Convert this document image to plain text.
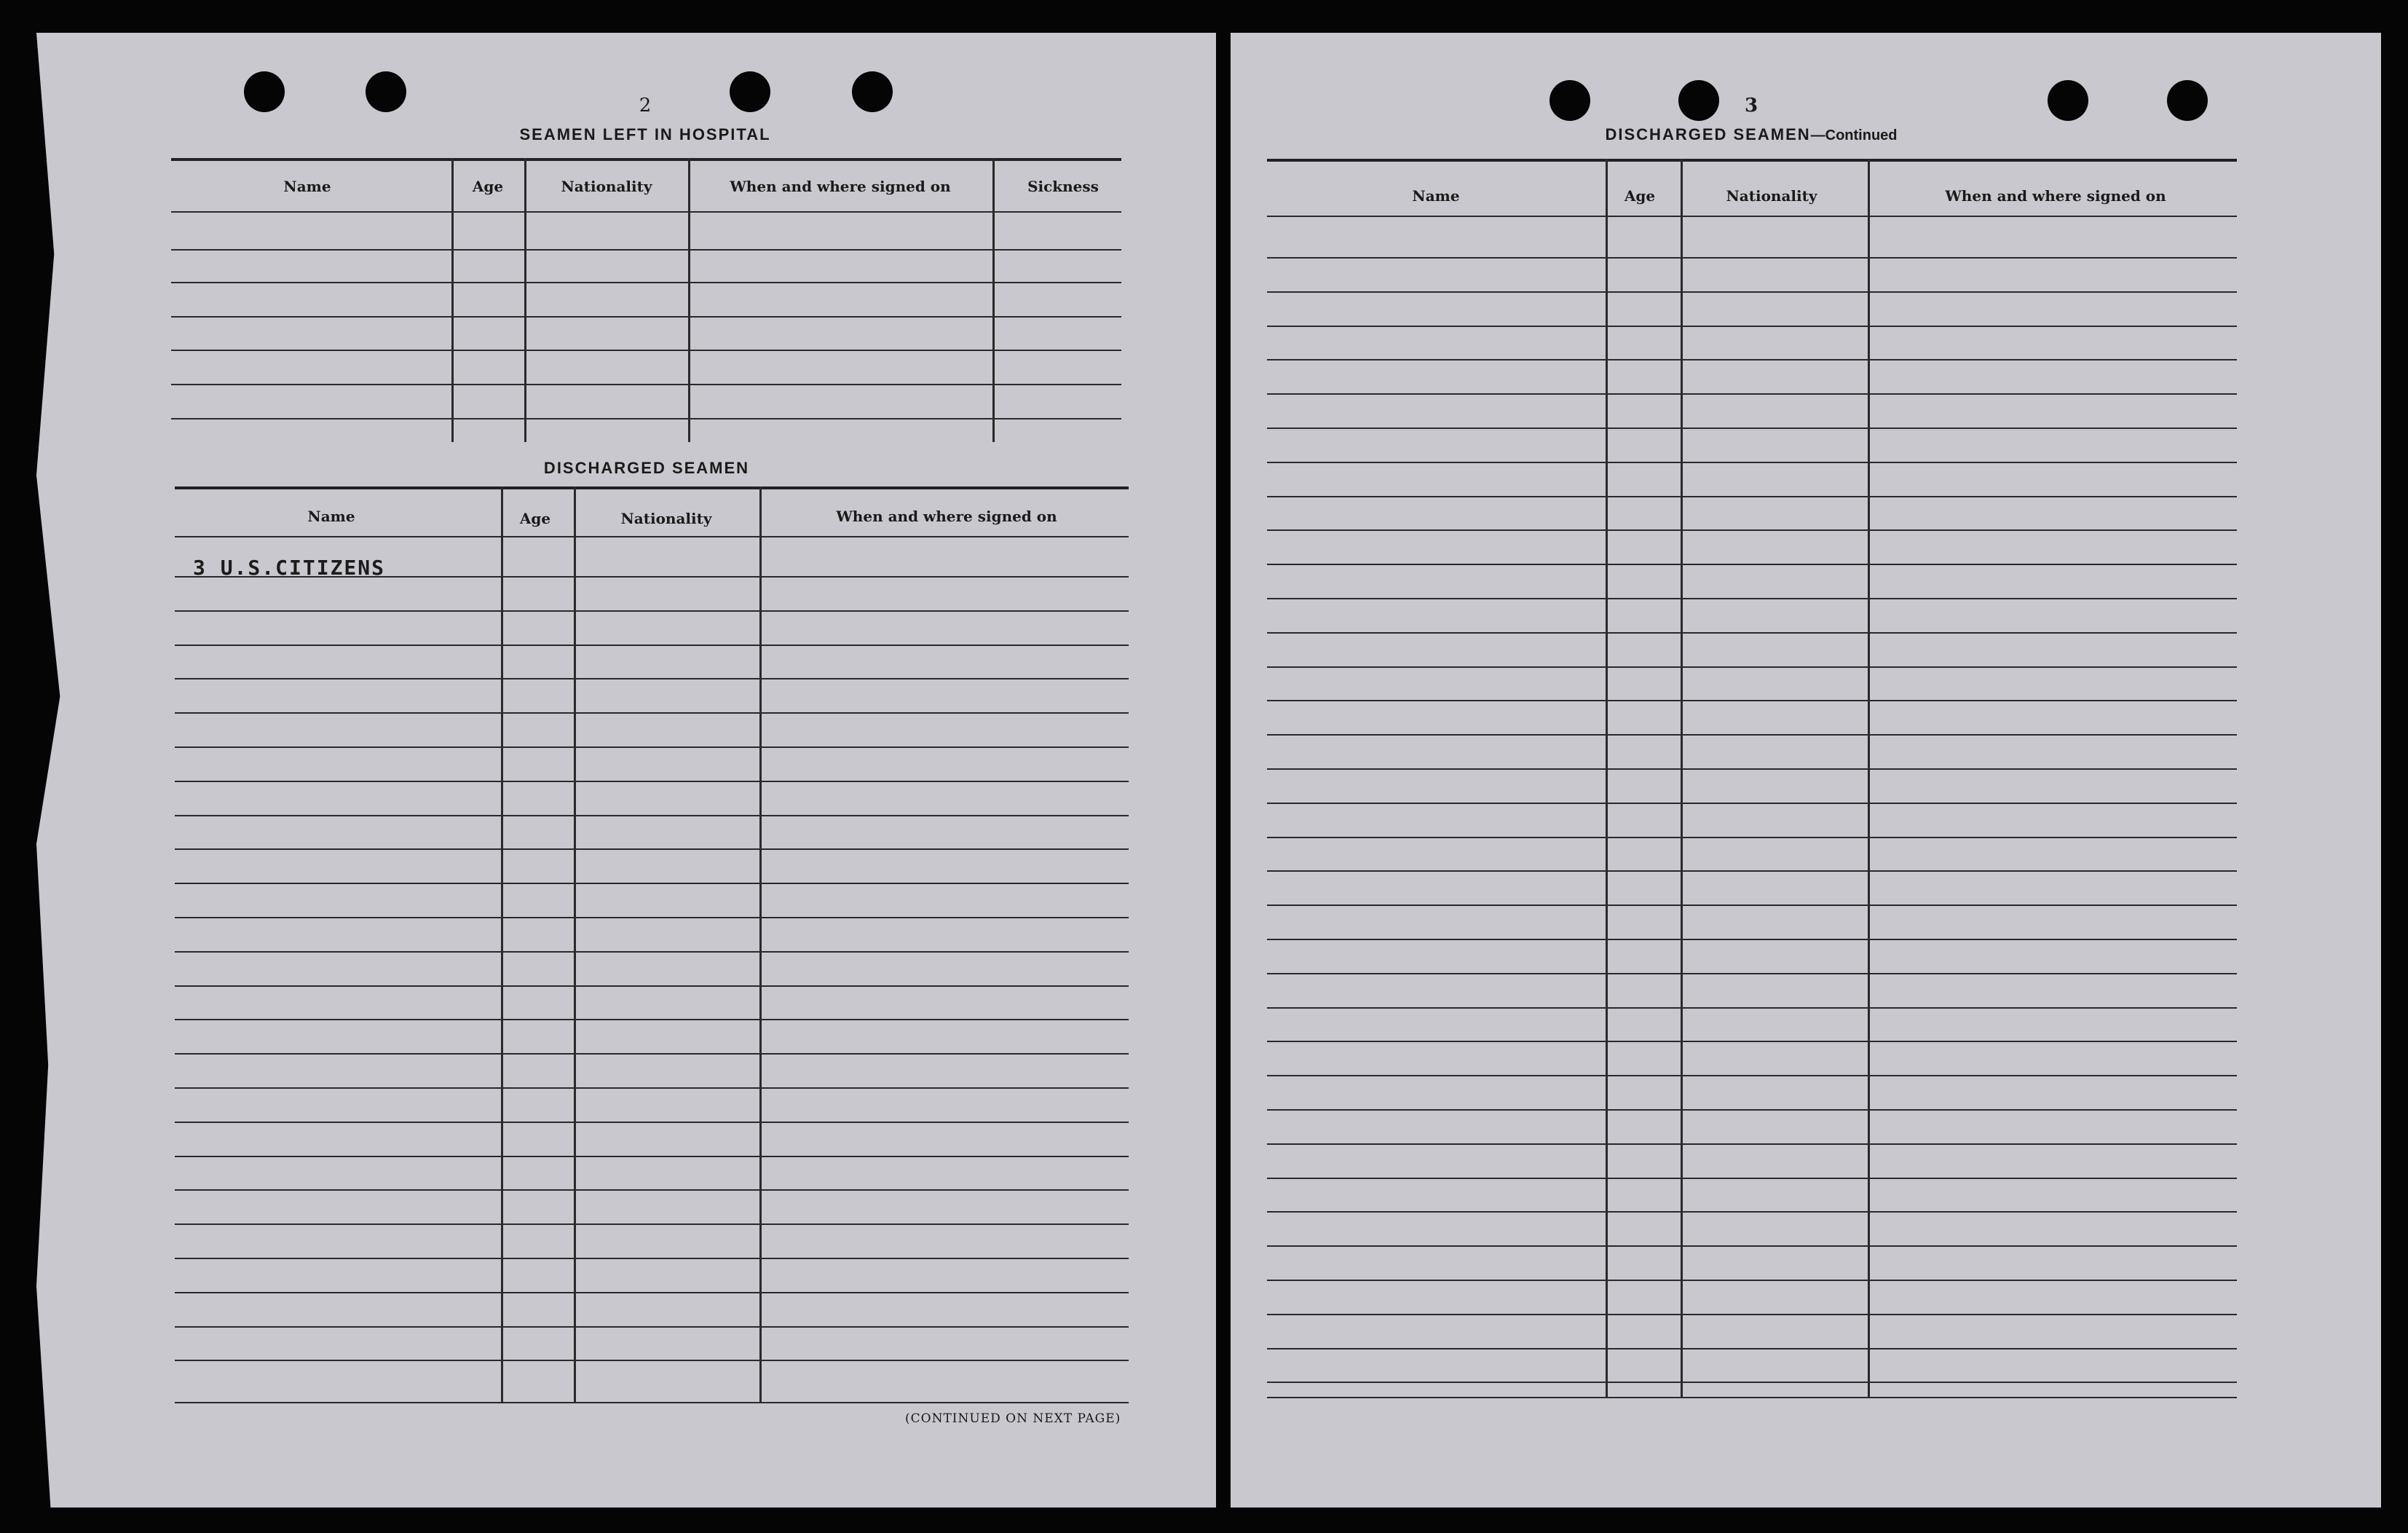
2
SEAMEN LEFT IN HOSPITAL
Name	Age	Nationality	When and where signed on	Sickness
DISCHARGED SEAMEN
Name	Age	Nationality	When and where signed on
3 U.S.CITIZENS
(CONTINUED ON NEXT PAGE)
3
DISCHARGED SEAMEN—Continued
Name	Age	Nationality	When and where signed on
